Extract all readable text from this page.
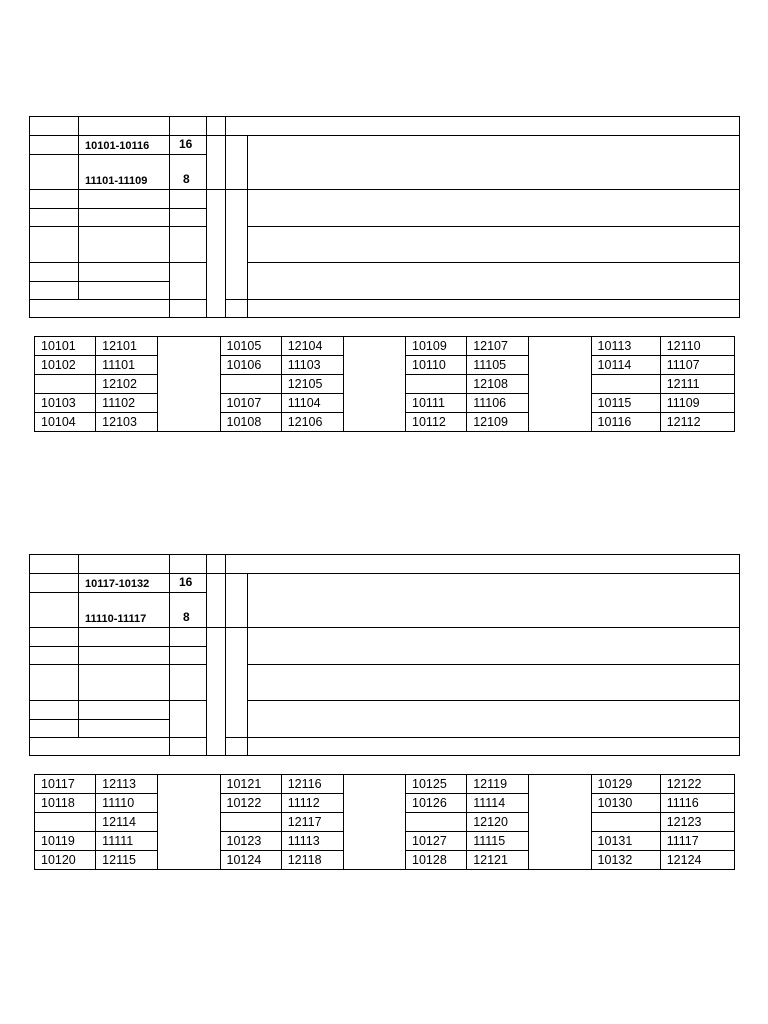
10101-10116 16
11101-11109	8
10101	12101		10105	12104		10109	12107		10113	12110
10102	11101		10106	11103		10110	11105		10114	11107
	12102			12105			12108			12111
10103	11102		10107	11104		10111	11106		10115	11109
10104	12103		10108	12106		10112	12109		10116	12112
10117-10132 16
11110-11117	8
10117	12113		10121	12116		10125	12119		10129	12122
10118	11110		10122	11112		10126	11114		10130	11116
	12114			12117			12120			12123
10119	11111		10123	11113		10127	11115		10131	11117
10120	12115		10124	12118		10128	12121		10132	12124
